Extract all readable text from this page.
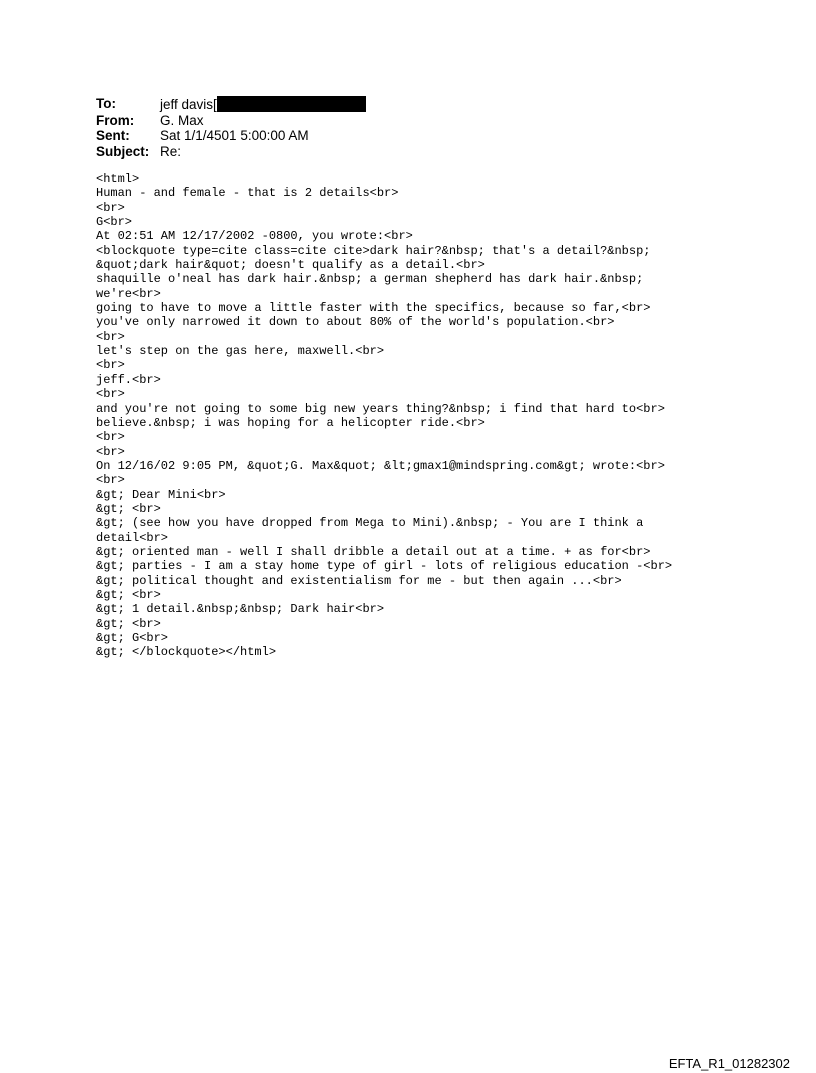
To:	jeff davis[
From:	G. Max
Sent:	Sat 1/1/4501 5:00:00 AM
Subject: Re:
<html>
Human - and female - that is 2 details<br>
<br>
G<br>
At 02:51 AM 12/17/2002 -0800, you wrote:<br>
<blockquote type=cite class=cite cite>dark hair?&nbsp; that's a detail?&nbsp;
&quot;dark hair&quot; doesn't qualify as a detail.<br>
shaquille o'neal has dark hair.&nbsp; a german shepherd has dark hair.&nbsp;
we're<br>
going to have to move a little faster with the specifics, because so far,<br>
you've only narrowed it down to about 80% of the world's population.<br>
<br>
let's step on the gas here, maxwell.<br>
<br>
jeff.<br>
<br>
and you're not going to some big new years thing?&nbsp; i find that hard to<br>
believe.&nbsp; i was hoping for a helicopter ride.<br>
<br>
<br>
On 12/16/02 9:05 PM, &quot;G. Max&quot; &lt;gmax1@mindspring.com&gt; wrote:<br>
<br>
&gt; Dear Mini<br>
&gt; <br>
&gt; (see how you have dropped from Mega to Mini).&nbsp; - You are I think a
detail<br>
&gt; oriented man - well I shall dribble a detail out at a time. + as for<br>
&gt; parties - I am a stay home type of girl - lots of religious education -<br>
&gt; political thought and existentialism for me - but then again ...<br>
&gt; <br>
&gt; 1 detail.&nbsp;&nbsp; Dark hair<br>
&gt; <br>
&gt; G<br>
&gt; </blockquote></html>
EFTA_R1_01282302
